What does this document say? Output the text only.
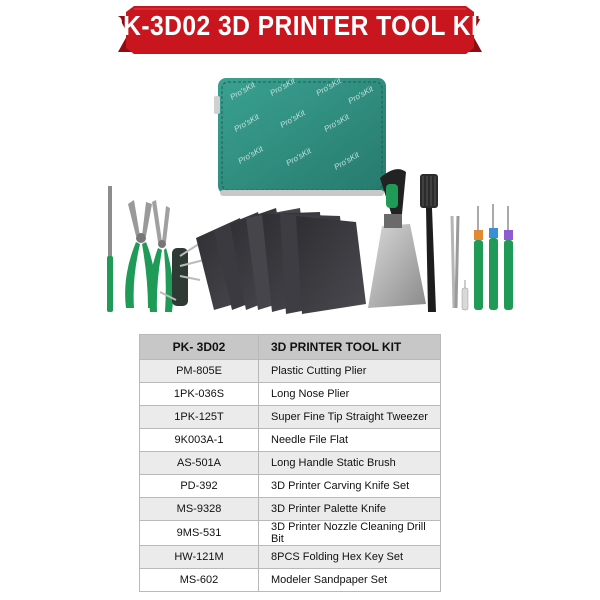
PK-3D02 3D PRINTER TOOL KIT
Pro'sKit Pro'sKit Pro'sKit Pro'sKit
Pro'sKit Pro'sKit Pro'sKit
Pro'sKit Pro'sKit Pro'sKit
PK- 3D02	3D PRINTER TOOL KIT
PM-805E	Plastic Cutting Plier
1PK-036S	Long Nose Plier
1PK-125T	Super Fine Tip Straight Tweezer
9K003A-1	Needle File Flat
AS-501A	Long Handle Static Brush
PD-392	3D Printer Carving Knife Set
MS-9328	3D Printer Palette Knife
9MS-531	3D Printer Nozzle Cleaning Drill Bit
HW-121M	8PCS Folding Hex Key Set
MS-602	Modeler Sandpaper Set
